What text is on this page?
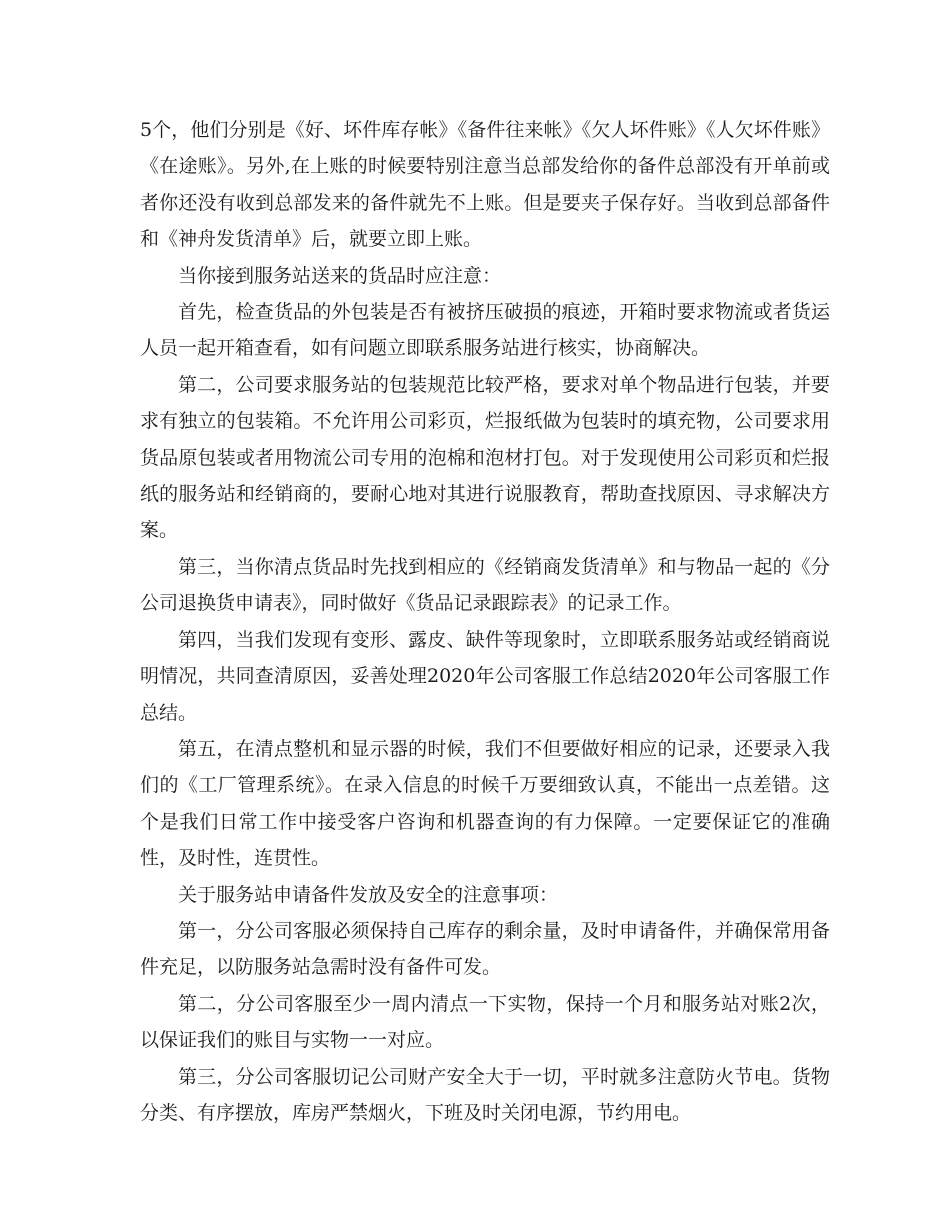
5个，他们分别是《好、坏件库存帐》《备件往来帐》《欠人坏件账》《人欠坏件账》《在途账》。另外,在上账的时候要特别注意当总部发给你的备件总部没有开单前或者你还没有收到总部发来的备件就先不上账。但是要夹子保存好。当收到总部备件和《神舟发货清单》后，就要立即上账。

当你接到服务站送来的货品时应注意：

首先，检查货品的外包装是否有被挤压破损的痕迹，开箱时要求物流或者货运人员一起开箱查看，如有问题立即联系服务站进行核实，协商解决。

第二，公司要求服务站的包装规范比较严格，要求对单个物品进行包装，并要求有独立的包装箱。不允许用公司彩页，烂报纸做为包装时的填充物，公司要求用货品原包装或者用物流公司专用的泡棉和泡材打包。对于发现使用公司彩页和烂报纸的服务站和经销商的，要耐心地对其进行说服教育，帮助查找原因、寻求解决方案。

第三，当你清点货品时先找到相应的《经销商发货清单》和与物品一起的《分公司退换货申请表》，同时做好《货品记录跟踪表》的记录工作。

第四，当我们发现有变形、露皮、缺件等现象时，立即联系服务站或经销商说明情况，共同查清原因，妥善处理2020年公司客服工作总结2020年公司客服工作总结。

第五，在清点整机和显示器的时候，我们不但要做好相应的记录，还要录入我们的《工厂管理系统》。在录入信息的时候千万要细致认真，不能出一点差错。这个是我们日常工作中接受客户咨询和机器查询的有力保障。一定要保证它的准确性，及时性，连贯性。

关于服务站申请备件发放及安全的注意事项：

第一，分公司客服必须保持自己库存的剩余量，及时申请备件，并确保常用备件充足，以防服务站急需时没有备件可发。

第二，分公司客服至少一周内清点一下实物，保持一个月和服务站对账2次，以保证我们的账目与实物一一对应。

第三，分公司客服切记公司财产安全大于一切，平时就多注意防火节电。货物分类、有序摆放，库房严禁烟火，下班及时关闭电源，节约用电。
